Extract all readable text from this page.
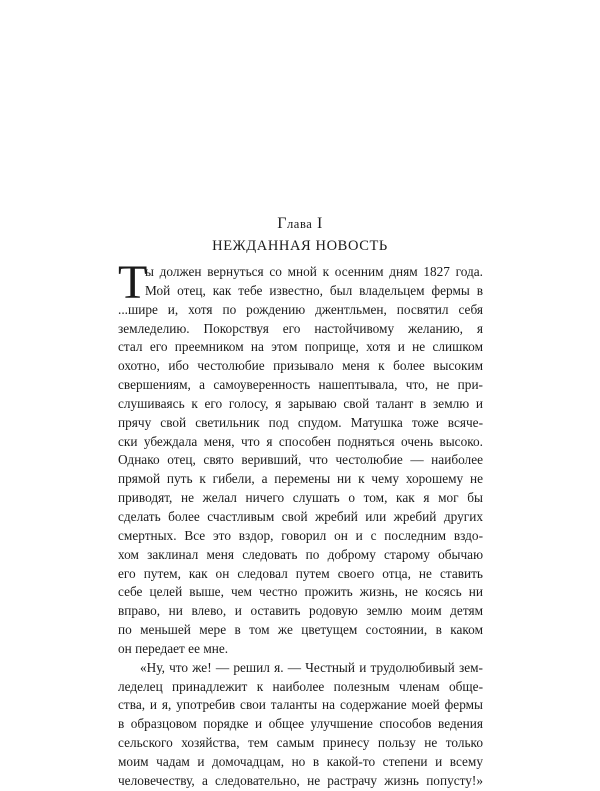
Глава I
НЕЖДАННАЯ НОВОСТЬ
Т
ы должен вернуться со мной к осенним дням 1827 года.
Мой отец, как тебе известно, был владельцем фермы в
...шире и, хотя по рождению джентльмен, посвятил себя
земледелию. Покорствуя его настойчивому желанию, я
стал его преемником на этом поприще, хотя и не слишком
охотно, ибо честолюбие призывало меня к более высоким
свершениям, а самоуверенность нашептывала, что, не при-
слушиваясь к его голосу, я зарываю свой талант в землю и
прячу свой светильник под спудом. Матушка тоже всяче-
ски убеждала меня, что я способен подняться очень высоко.
Однако отец, свято веривший, что честолюбие — наиболее
прямой путь к гибели, а перемены ни к чему хорошему не
приводят, не желал ничего слушать о том, как я мог бы
сделать более счастливым свой жребий или жребий других
смертных. Все это вздор, говорил он и с последним вздо-
хом заклинал меня следовать по доброму старому обычаю
его путем, как он следовал путем своего отца, не ставить
себе целей выше, чем честно прожить жизнь, не косясь ни
вправо, ни влево, и оставить родовую землю моим детям
по меньшей мере в том же цветущем состоянии, в каком
он передает ее мне.
«Ну, что же! — решил я. — Честный и трудолюбивый зем-
леделец принадлежит к наиболее полезным членам обще-
ства, и я, употребив свои таланты на содержание моей фермы
в образцовом порядке и общее улучшение способов ведения
сельского хозяйства, тем самым принесу пользу не только
моим чадам и домочадцам, но в какой-то степени и всему
человечеству, а следовательно, не растрачу жизнь попусту!»
